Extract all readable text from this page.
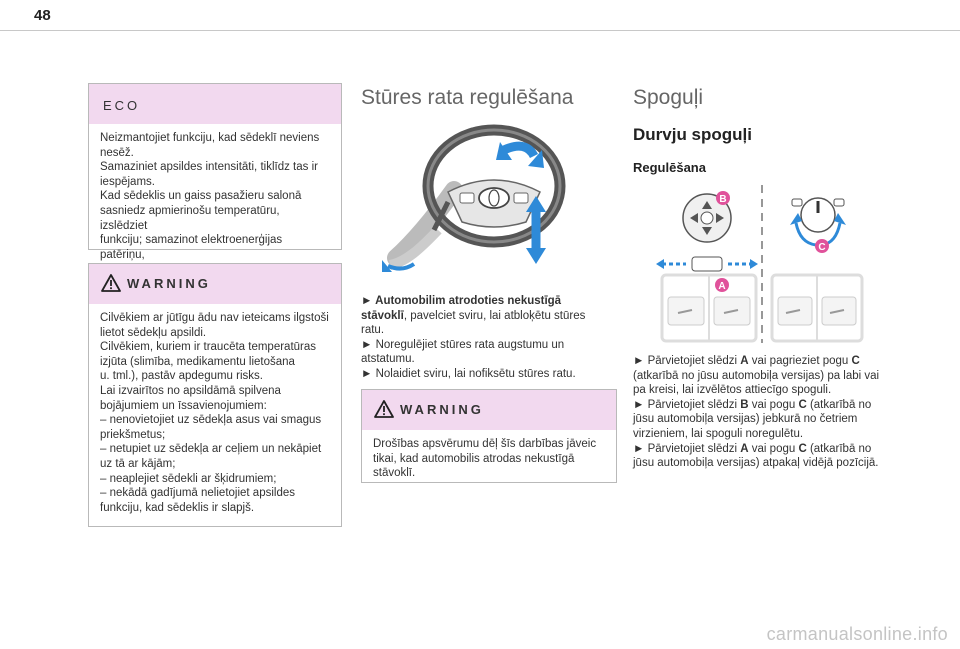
48
ECO

Neizmantojiet funkciju, kad sēdeklī neviens
nesēž.
Samaziniet apsildes intensitāti, tiklīdz tas ir
iespējams.
Kad sēdeklis un gaiss pasažieru salonā
sasniedz apmierinošu temperatūru, izslēdziet
funkciju; samazinot elektroenerģijas patēriņu,

WARNING

Cilvēkiem ar jūtīgu ādu nav ieteicams ilgstoši
lietot sēdekļu apsildi.
Cilvēkiem, kuriem ir traucēta temperatūras
izjūta (slimība, medikamentu lietošana
u. tml.), pastāv apdegumu risks.
Lai izvairītos no apsildāmā spilvena
bojājumiem un īssavienojumiem:
– nenovietojiet uz sēdekļa asus vai smagus
priekšmetus;
– netupiet uz sēdekļa ar ceļiem un nekāpiet
uz tā ar kājām;
– neaplejiet sēdekli ar šķidrumiem;
– nekādā gadījumā nelietojiet apsildes
funkciju, kad sēdeklis ir slapjš.

Stūres rata regulēšana

► Automobilim atrodoties nekustīgā stāvoklī, pavelciet sviru, lai atbloķētu stūres ratu.

► Noregulējiet stūres rata augstumu un atstatumu.

► Nolaidiet sviru, lai nofiksētu stūres ratu.

WARNING

Drošības apsvērumu dēļ šīs darbības jāveic
tikai, kad automobilis atrodas nekustīgā
stāvoklī.

Spoguļi
Durvju spoguļi
Regulēšana
A
B
C

► Pārvietojiet slēdzi A vai pagrieziet pogu C (atkarībā no jūsu automobiļa versijas) pa labi vai pa kreisi, lai izvēlētos attiecīgo spoguli.

► Pārvietojiet slēdzi B vai pogu C (atkarībā no jūsu automobiļa versijas) jebkurā no četriem virzieniem, lai spoguli noregulētu.

► Pārvietojiet slēdzi A vai pogu C (atkarībā no jūsu automobiļa versijas) atpakaļ vidējā pozīcijā.

carmanualsonline.info
